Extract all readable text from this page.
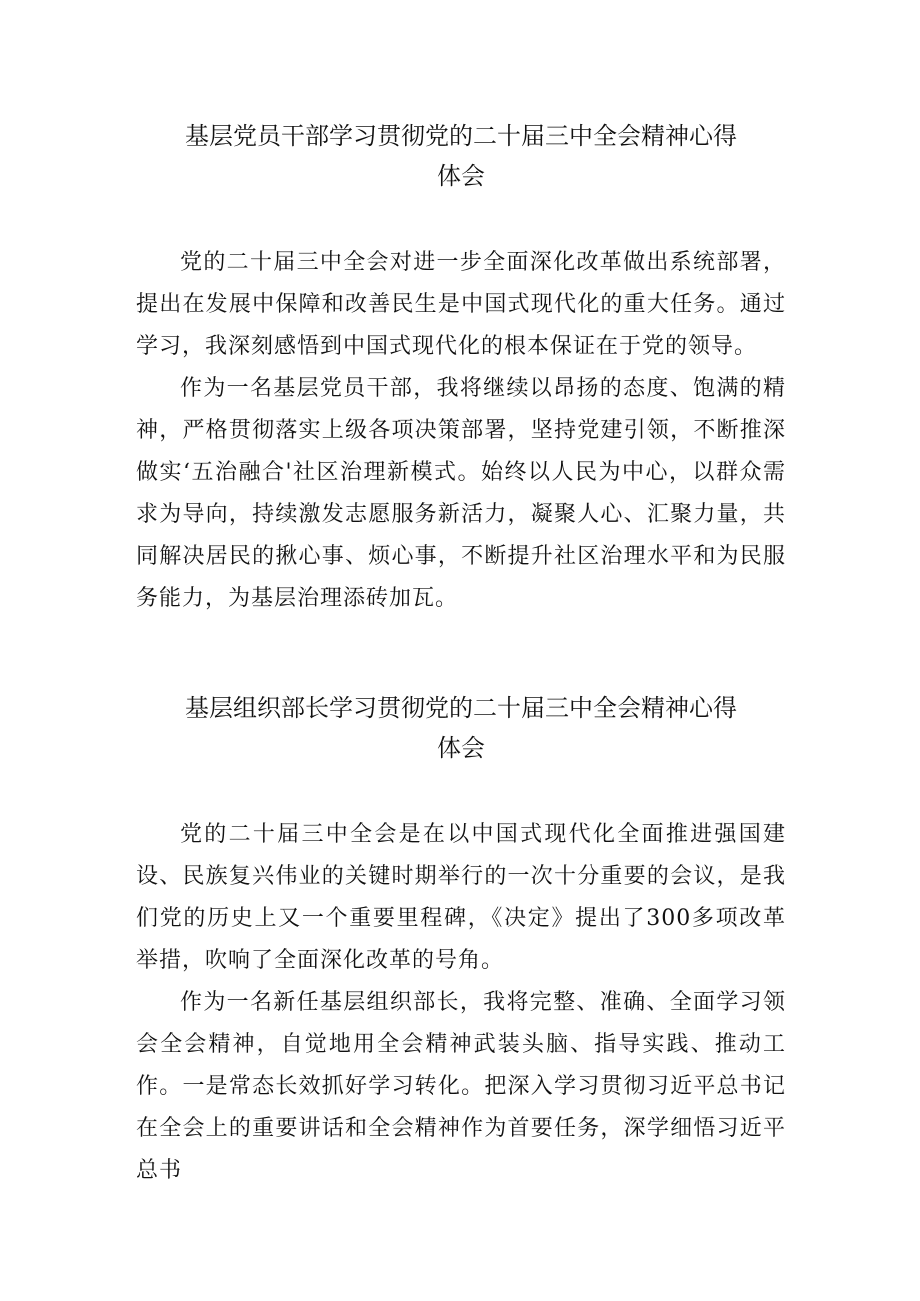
基层党员干部学习贯彻党的二十届三中全会精神心得
体会

党的二十届三中全会对进一步全面深化改革做出系统部署，提出在发展中保障和改善民生是中国式现代化的重大任务。通过学习，我深刻感悟到中国式现代化的根本保证在于党的领导。

作为一名基层党员干部，我将继续以昂扬的态度、饱满的精神，严格贯彻落实上级各项决策部署，坚持党建引领，不断推深做实‘五治融合'社区治理新模式。始终以人民为中心，以群众需求为导向，持续激发志愿服务新活力，凝聚人心、汇聚力量，共同解决居民的揪心事、烦心事，不断提升社区治理水平和为民服务能力，为基层治理添砖加瓦。

基层组织部长学习贯彻党的二十届三中全会精神心得
体会

党的二十届三中全会是在以中国式现代化全面推进强国建设、民族复兴伟业的关键时期举行的一次十分重要的会议，是我们党的历史上又一个重要里程碑，《决定》提出了300多项改革举措，吹响了全面深化改革的号角。

作为一名新任基层组织部长，我将完整、准确、全面学习领会全会精神，自觉地用全会精神武装头脑、指导实践、推动工作。一是常态长效抓好学习转化。把深入学习贯彻习近平总书记在全会上的重要讲话和全会精神作为首要任务，深学细悟习近平总书
